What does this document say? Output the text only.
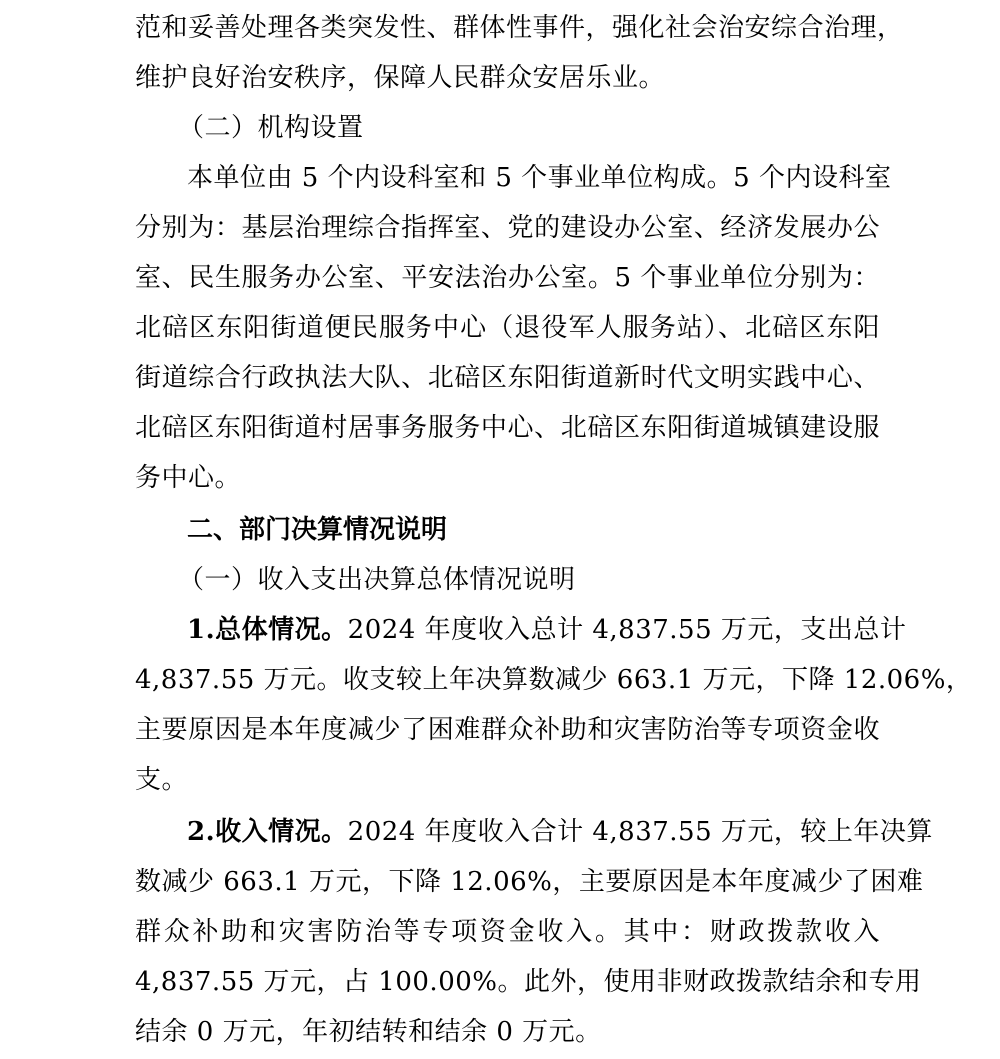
范和妥善处理各类突发性、群体性事件，强化社会治安综合治理，
维护良好治安秩序，保障人民群众安居乐业。
（二）机构设置
本单位由 5 个内设科室和 5 个事业单位构成。5 个内设科室
分别为：基层治理综合指挥室、党的建设办公室、经济发展办公
室、民生服务办公室、平安法治办公室。5 个事业单位分别为：
北碚区东阳街道便民服务中心（退役军人服务站）、北碚区东阳
街道综合行政执法大队、北碚区东阳街道新时代文明实践中心、
北碚区东阳街道村居事务服务中心、北碚区东阳街道城镇建设服
务中心。
二、部门决算情况说明
（一）收入支出决算总体情况说明
1.总体情况。2024 年度收入总计 4,837.55 万元，支出总计
4,837.55 万元。收支较上年决算数减少 663.1 万元，下降 12.06%，
主要原因是本年度减少了困难群众补助和灾害防治等专项资金收
支。
2.收入情况。2024 年度收入合计 4,837.55 万元，较上年决算
数减少 663.1 万元，下降 12.06%，主要原因是本年度减少了困难
群众补助和灾害防治等专项资金收入。其中：财政拨款收入
4,837.55 万元，占 100.00%。此外，使用非财政拨款结余和专用
结余 0 万元，年初结转和结余 0 万元。
